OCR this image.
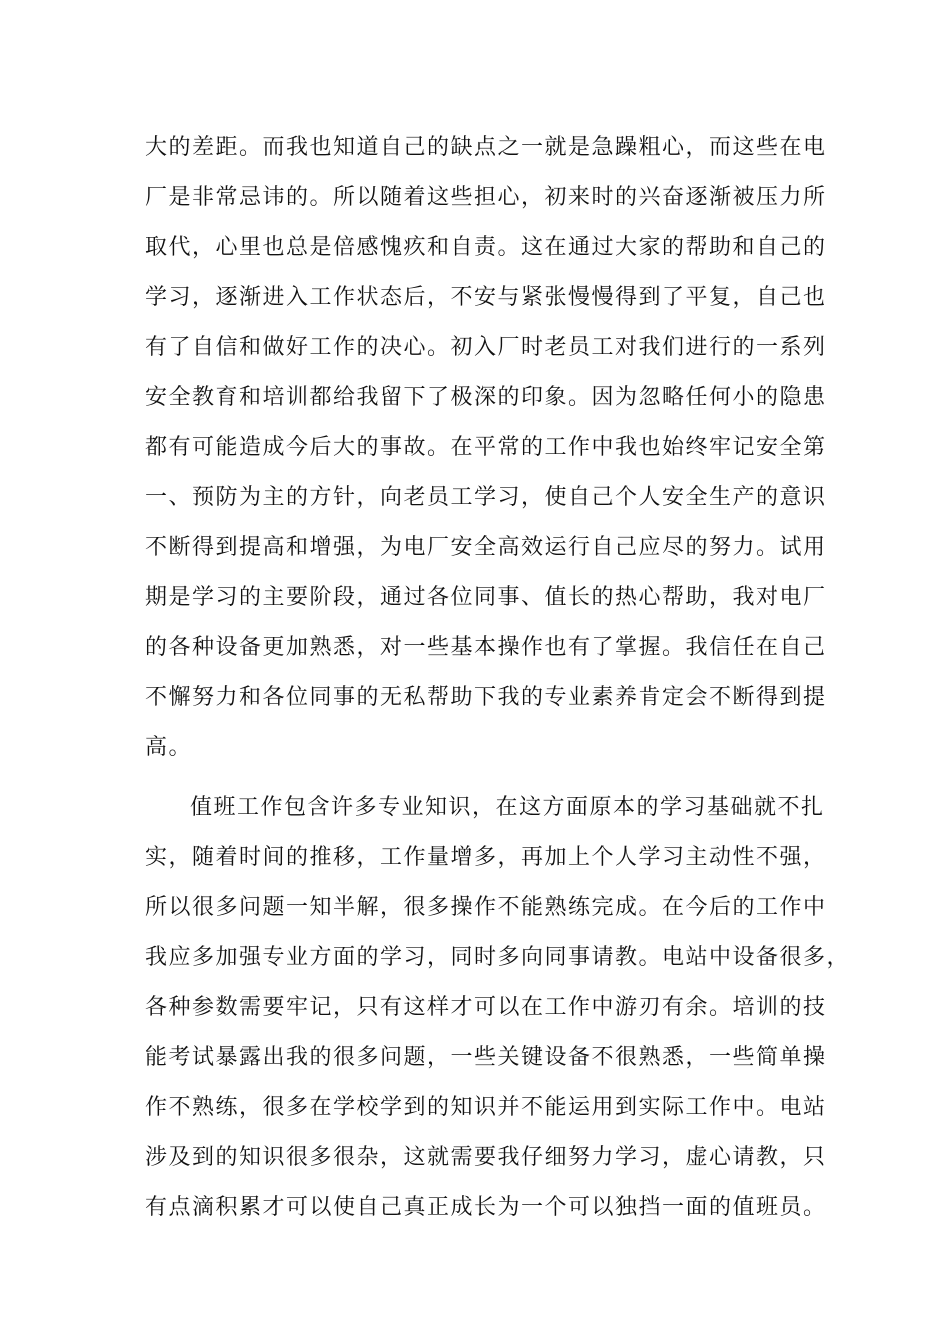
大的差距。而我也知道自己的缺点之一就是急躁粗心，而这些在电
厂是非常忌讳的。所以随着这些担心，初来时的兴奋逐渐被压力所
取代，心里也总是倍感愧疚和自责。这在通过大家的帮助和自己的
学习，逐渐进入工作状态后，不安与紧张慢慢得到了平复，自己也
有了自信和做好工作的决心。初入厂时老员工对我们进行的一系列
安全教育和培训都给我留下了极深的印象。因为忽略任何小的隐患
都有可能造成今后大的事故。在平常的工作中我也始终牢记安全第
一、预防为主的方针，向老员工学习，使自己个人安全生产的意识
不断得到提高和增强，为电厂安全高效运行自己应尽的努力。试用
期是学习的主要阶段，通过各位同事、值长的热心帮助，我对电厂
的各种设备更加熟悉，对一些基本操作也有了掌握。我信任在自己
不懈努力和各位同事的无私帮助下我的专业素养肯定会不断得到提
高。
值班工作包含许多专业知识，在这方面原本的学习基础就不扎
实，随着时间的推移，工作量增多，再加上个人学习主动性不强，
所以很多问题一知半解，很多操作不能熟练完成。在今后的工作中
我应多加强专业方面的学习，同时多向同事请教。电站中设备很多，
各种参数需要牢记，只有这样才可以在工作中游刃有余。培训的技
能考试暴露出我的很多问题，一些关键设备不很熟悉，一些简单操
作不熟练，很多在学校学到的知识并不能运用到实际工作中。电站
涉及到的知识很多很杂，这就需要我仔细努力学习，虚心请教，只
有点滴积累才可以使自己真正成长为一个可以独挡一面的值班员。
